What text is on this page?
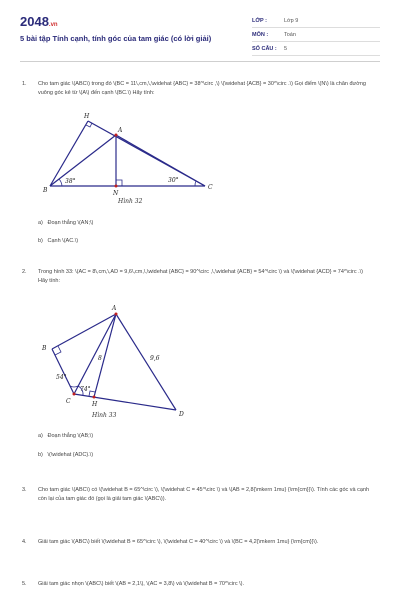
2048.vn
5 bài tập Tính cạnh, tính góc của tam giác (có lời giải)
LỚP :	Lớp 9
MÔN :	Toán
SỐ CÂU :	5
1. Cho tam giác \(ABC\) trong đó \(BC = 11\,cm,\,\widehat {ABC} = 38^\circ ,\) \(\widehat {ACB} = 30^\circ .\) Gọi điểm \(N\) là chân đường vuông góc kẻ từ \(A\) đến cạnh \(BC.\) Hãy tính:
H
A
B	N
C
38°	30°
Hình 32
a) Đoạn thẳng \(AN;\)
b) Cạnh \(AC.\)
2. Trong hình 33: \(AC = 8\,cm,\,AD = 9,6\,cm,\,\widehat {ABC} = 90^\circ ,\,\widehat {ACB} = 54^\circ \) và \(\widehat {ACD} = 74^\circ .\) Hãy tính:
A
B
C	H
D
8	9,6
54°
74°
Hình 33
a) Đoạn thẳng \(AB;\)
b) \(\widehat {ADC}.\)
3. Cho tam giác \(ABC\) có \(\widehat B = 65^\circ \), \(\widehat C = 45^\circ \) và \(AB = 2,8{\mkern 1mu} {\rm{cm}}\). Tính các góc và cạnh còn lại của tam giác đó (gọi là giải tam giác \(ABC\)).
4. Giải tam giác \(ABC\) biết \(\widehat B = 65^\circ \), \(\widehat C = 40^\circ \) và \(BC = 4,2{\mkern 1mu} {\rm{cm}}\).
5. Giải tam giác nhọn \(ABC\) biết \(AB = 2,1\), \(AC = 3,8\) và \(\widehat B = 70^\circ \).
